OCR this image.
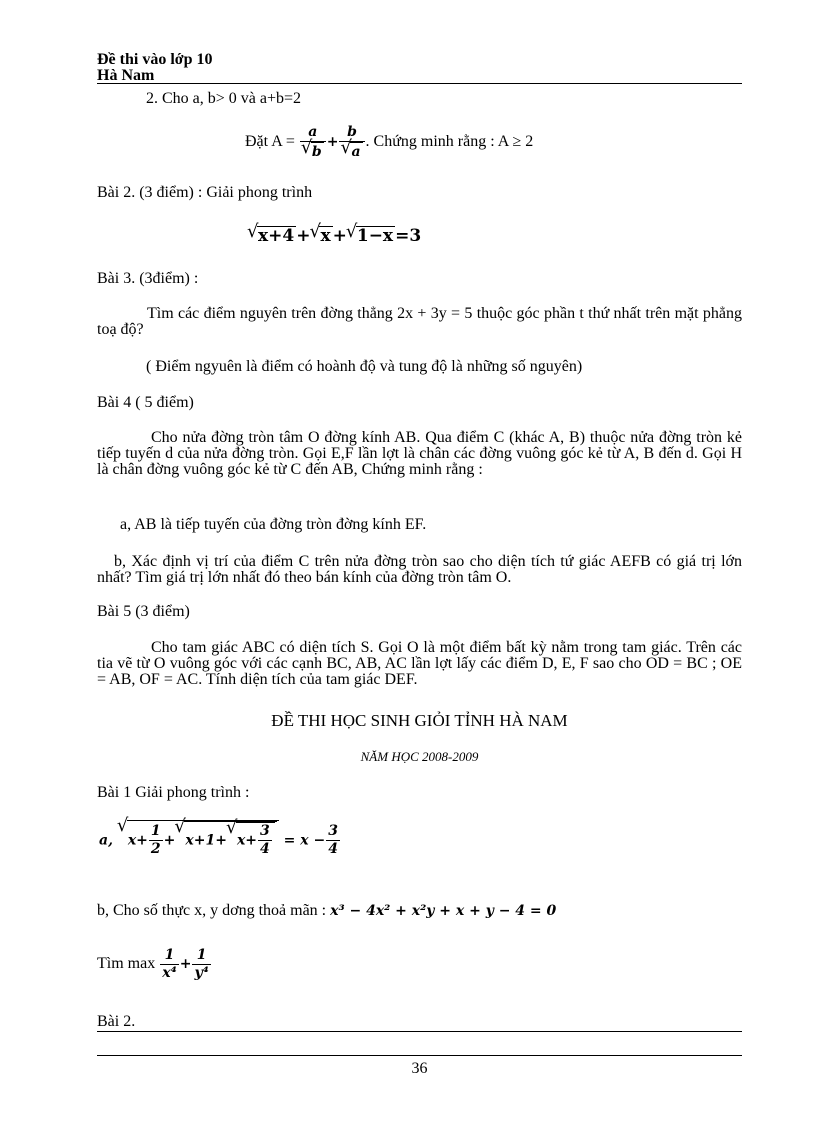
Đề thi vào lớp 10
Hà Nam
2. Cho a, b> 0 và a+b=2
Đặt A = a
√ b + b
√ a . Chứng minh rằng : A ≥ 2
Bài 2. (3 điểm) : Giải phong trình
√ x+4 + √ x + √ 1−x =3
Bài 3. (3điểm) :
Tìm các điểm nguyên trên đờng thẳng 2x + 3y = 5 thuộc góc phần t thứ nhất trên mặt phẳng toạ độ?
( Điểm ngyuên là điểm có hoành độ và tung độ là những số nguyên)
Bài 4 ( 5 điểm)
Cho nửa đờng tròn tâm O đờng kính AB. Qua điểm C (khác A, B) thuộc nửa đờng tròn kẻ tiếp tuyến d của nửa đờng tròn. Gọi E,F lần lợt là chân các đờng vuông góc kẻ từ A, B đến d. Gọi H là chân đờng vuông góc kẻ từ C đến AB, Chứng minh rằng :
a, AB là tiếp tuyến của đờng tròn đờng kính EF.
b, Xác định vị trí của điểm C trên nửa đờng tròn sao cho diện tích tứ giác AEFB có giá trị lớn nhất? Tìm giá trị lớn nhất đó theo bán kính của đờng tròn tâm O.
Bài 5 (3 điểm)
Cho tam giác ABC có diện tích S. Gọi O là một điểm bất kỳ nằm trong tam giác. Trên các tia vẽ từ O vuông góc với các cạnh BC, AB, AC lần lợt lấy các điểm D, E, F sao cho OD = BC ; OE = AB, OF = AC. Tính diện tích của tam giác DEF.
ĐỀ THI HỌC SINH GIỎI TỈNH HÀ NAM
NĂM HỌC 2008-2009
Bài 1 Giải phong trình :
a, √ $x+ \frac{1}{2}$ + √ x+1+ √ $x+ \frac{3}{4} = x - \frac{3}{4}$
b, Cho số thực x, y dơng thoả mãn : x³ − 4x² + x²y + x + y − 4 = 0
Tìm $\max \frac{1}{\text{x⁴}} + \frac{1}{\text{y⁴}}$
Bài 2.
36
